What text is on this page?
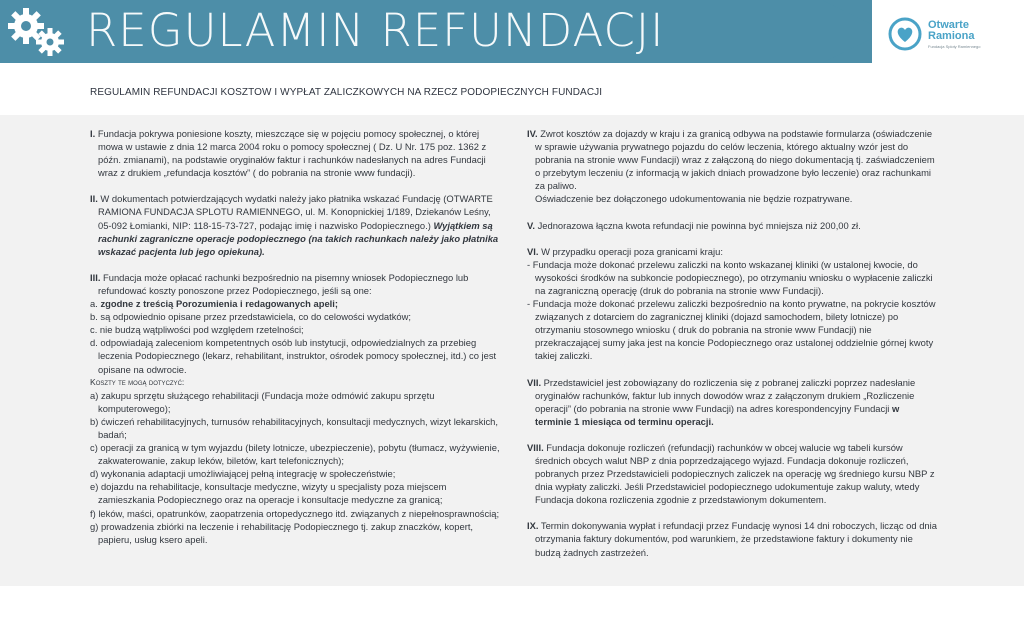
REGULAMIN REFUNDACJI	Otwarte
Ramiona
Fundacja Sploty Ramiennego
REGULAMIN REFUNDACJI KOSZTOW I WYPŁAT ZALICZKOWYCH NA RZECZ PODOPIECZNYCH FUNDACJI
I. Fundacja pokrywa poniesione koszty, mieszczące się w pojęciu pomocy społecznej, o której mowa w ustawie z dnia 12 marca 2004 roku o pomocy społecznej ( Dz. U Nr. 175 poz. 1362 z późn. zmianami), na podstawie oryginałów faktur i rachunków nadesłanych na adres Fundacji wraz z drukiem „refundacja kosztów” ( do pobrania na stronie www fundacji).
II. W dokumentach potwierdzających wydatki należy jako płatnika wskazać Fundację (OTWARTE RAMIONA FUNDACJA SPLOTU RAMIENNEGO, ul. M. Konopnickiej 1/189, Dziekanów Leśny, 05-092 Łomianki, NIP: 118-15-73-727, podając imię i nazwisko Podopiecznego.) Wyjątkiem są rachunki zagraniczne operacje podopiecznego (na takich rachunkach należy jako płatnika wskazać pacjenta lub jego opiekuna).
III. Fundacja może opłacać rachunki bezpośrednio na pisemny wniosek Podopiecznego lub refundować koszty ponoszone przez Podopiecznego, jeśli są one:
a. zgodne z treścią Porozumienia i redagowanych apeli;
b. są odpowiednio opisane przez przedstawiciela, co do celowości wydatków;
c. nie budzą wątpliwości pod względem rzetelności;
d. odpowiadają zaleceniom kompetentnych osób lub instytucji, odpowiedzialnych za przebieg leczenia Podopiecznego (lekarz, rehabilitant, instruktor, ośrodek pomocy społecznej, itd.) co jest opisane na odwrocie.
Koszty te mogą dotyczyć:
a) zakupu sprzętu służącego rehabilitacji (Fundacja może odmówić zakupu sprzętu komputerowego);
b) ćwiczeń rehabilitacyjnych, turnusów rehabilitacyjnych, konsultacji medycznych, wizyt lekarskich, badań;
c) operacji za granicą w tym wyjazdu (bilety lotnicze, ubezpieczenie), pobytu (tłumacz, wyżywienie, zakwaterowanie, zakup leków, biletów, kart telefonicznych);
d) wykonania adaptacji umożliwiającej pełną integrację w społeczeństwie;
e) dojazdu na rehabilitacje, konsultacje medyczne, wizyty u specjalisty poza miejscem zamieszkania Podopiecznego oraz na operacje i konsultacje medyczne za granicą;
f) leków, maści, opatrunków, zaopatrzenia ortopedycznego itd. związanych z niepełnosprawnością;
g) prowadzenia zbiórki na leczenie i rehabilitację Podopiecznego tj. zakup znaczków, kopert, papieru, usług ksero apeli.
IV. Zwrot kosztów za dojazdy w kraju i za granicą odbywa na podstawie formularza (oświadczenie w sprawie używania prywatnego pojazdu do celów leczenia, którego aktualny wzór jest do pobrania na stronie www Fundacji) wraz z załączoną do niego dokumentacją tj. zaświadczeniem o przebytym leczeniu (z informacją w jakich dniach prowadzone było leczenie) oraz rachunkami za paliwo.
Oświadczenie bez dołączonego udokumentowania nie będzie rozpatrywane.
V. Jednorazowa łączna kwota refundacji nie powinna być mniejsza niż 200,00 zł.
VI. W przypadku operacji poza granicami kraju:
- Fundacja może dokonać przelewu zaliczki na konto wskazanej kliniki (w ustalonej kwocie, do wysokości środków na subkoncie podopiecznego), po otrzymaniu wniosku o wypłacenie zaliczki na zagraniczną operację (druk do pobrania na stronie www Fundacji).
- Fundacja może dokonać przelewu zaliczki bezpośrednio na konto prywatne, na pokrycie kosztów związanych z dotarciem do zagranicznej kliniki (dojazd samochodem, bilety lotnicze) po otrzymaniu stosownego wniosku ( druk do pobrania na stronie www Fundacji) nie przekraczającej sumy jaka jest na koncie Podopiecznego oraz ustalonej oddzielnie górnej kwoty takiej zaliczki.
VII. Przedstawiciel jest zobowiązany do rozliczenia się z pobranej zaliczki poprzez nadesłanie oryginałów rachunków, faktur lub innych dowodów wraz z załączonym drukiem „Rozliczenie operacji” (do pobrania na stronie www Fundacji) na adres korespondencyjny Fundacji w terminie 1 miesiąca od terminu operacji.
VIII. Fundacja dokonuje rozliczeń (refundacji) rachunków w obcej walucie wg tabeli kursów średnich obcych walut NBP z dnia poprzedzającego wyjazd. Fundacja dokonuje rozliczeń, pobranych przez Przedstawicieli podopiecznych zaliczek na operację wg średniego kursu NBP z dnia wypłaty zaliczki. Jeśli Przedstawiciel podopiecznego udokumentuje zakup waluty, wtedy Fundacja dokona rozliczenia zgodnie z przedstawionym dokumentem.
IX. Termin dokonywania wypłat i refundacji przez Fundację wynosi 14 dni roboczych, licząc od dnia otrzymania faktury dokumentów, pod warunkiem, że przedstawione faktury i dokumenty nie budzą żadnych zastrzeżeń.
